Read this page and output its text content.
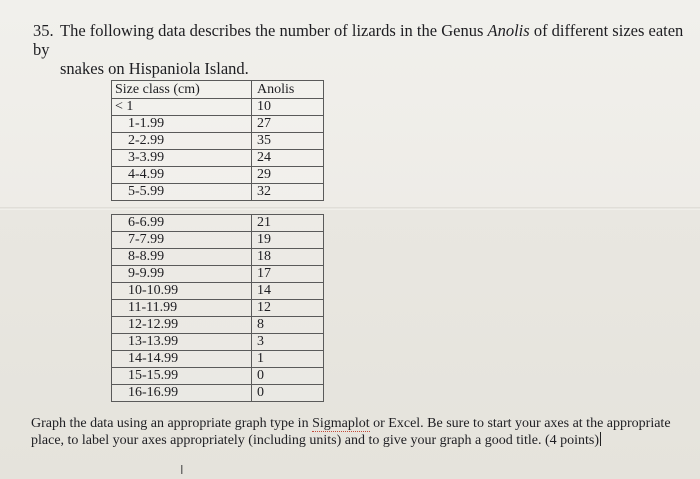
35. The following data describes the number of lizards in the Genus Anolis of different sizes eaten by
snakes on Hispaniola Island.
Size class (cm)	Anolis
< 1	10
1-1.99	27
2-2.99	35
3-3.99	24
4-4.99	29
5-5.99	32
6-6.99	21
7-7.99	19
8-8.99	18
9-9.99	17
10-10.99	14
11-11.99	12
12-12.99	8
13-13.99	3
14-14.99	1
15-15.99	0
16-16.99	0
Graph the data using an appropriate graph type in Sigmaplot or Excel. Be sure to start your axes at the appropriate place, to label your axes appropriately (including units) and to give your graph a good title. (4 points)
I
